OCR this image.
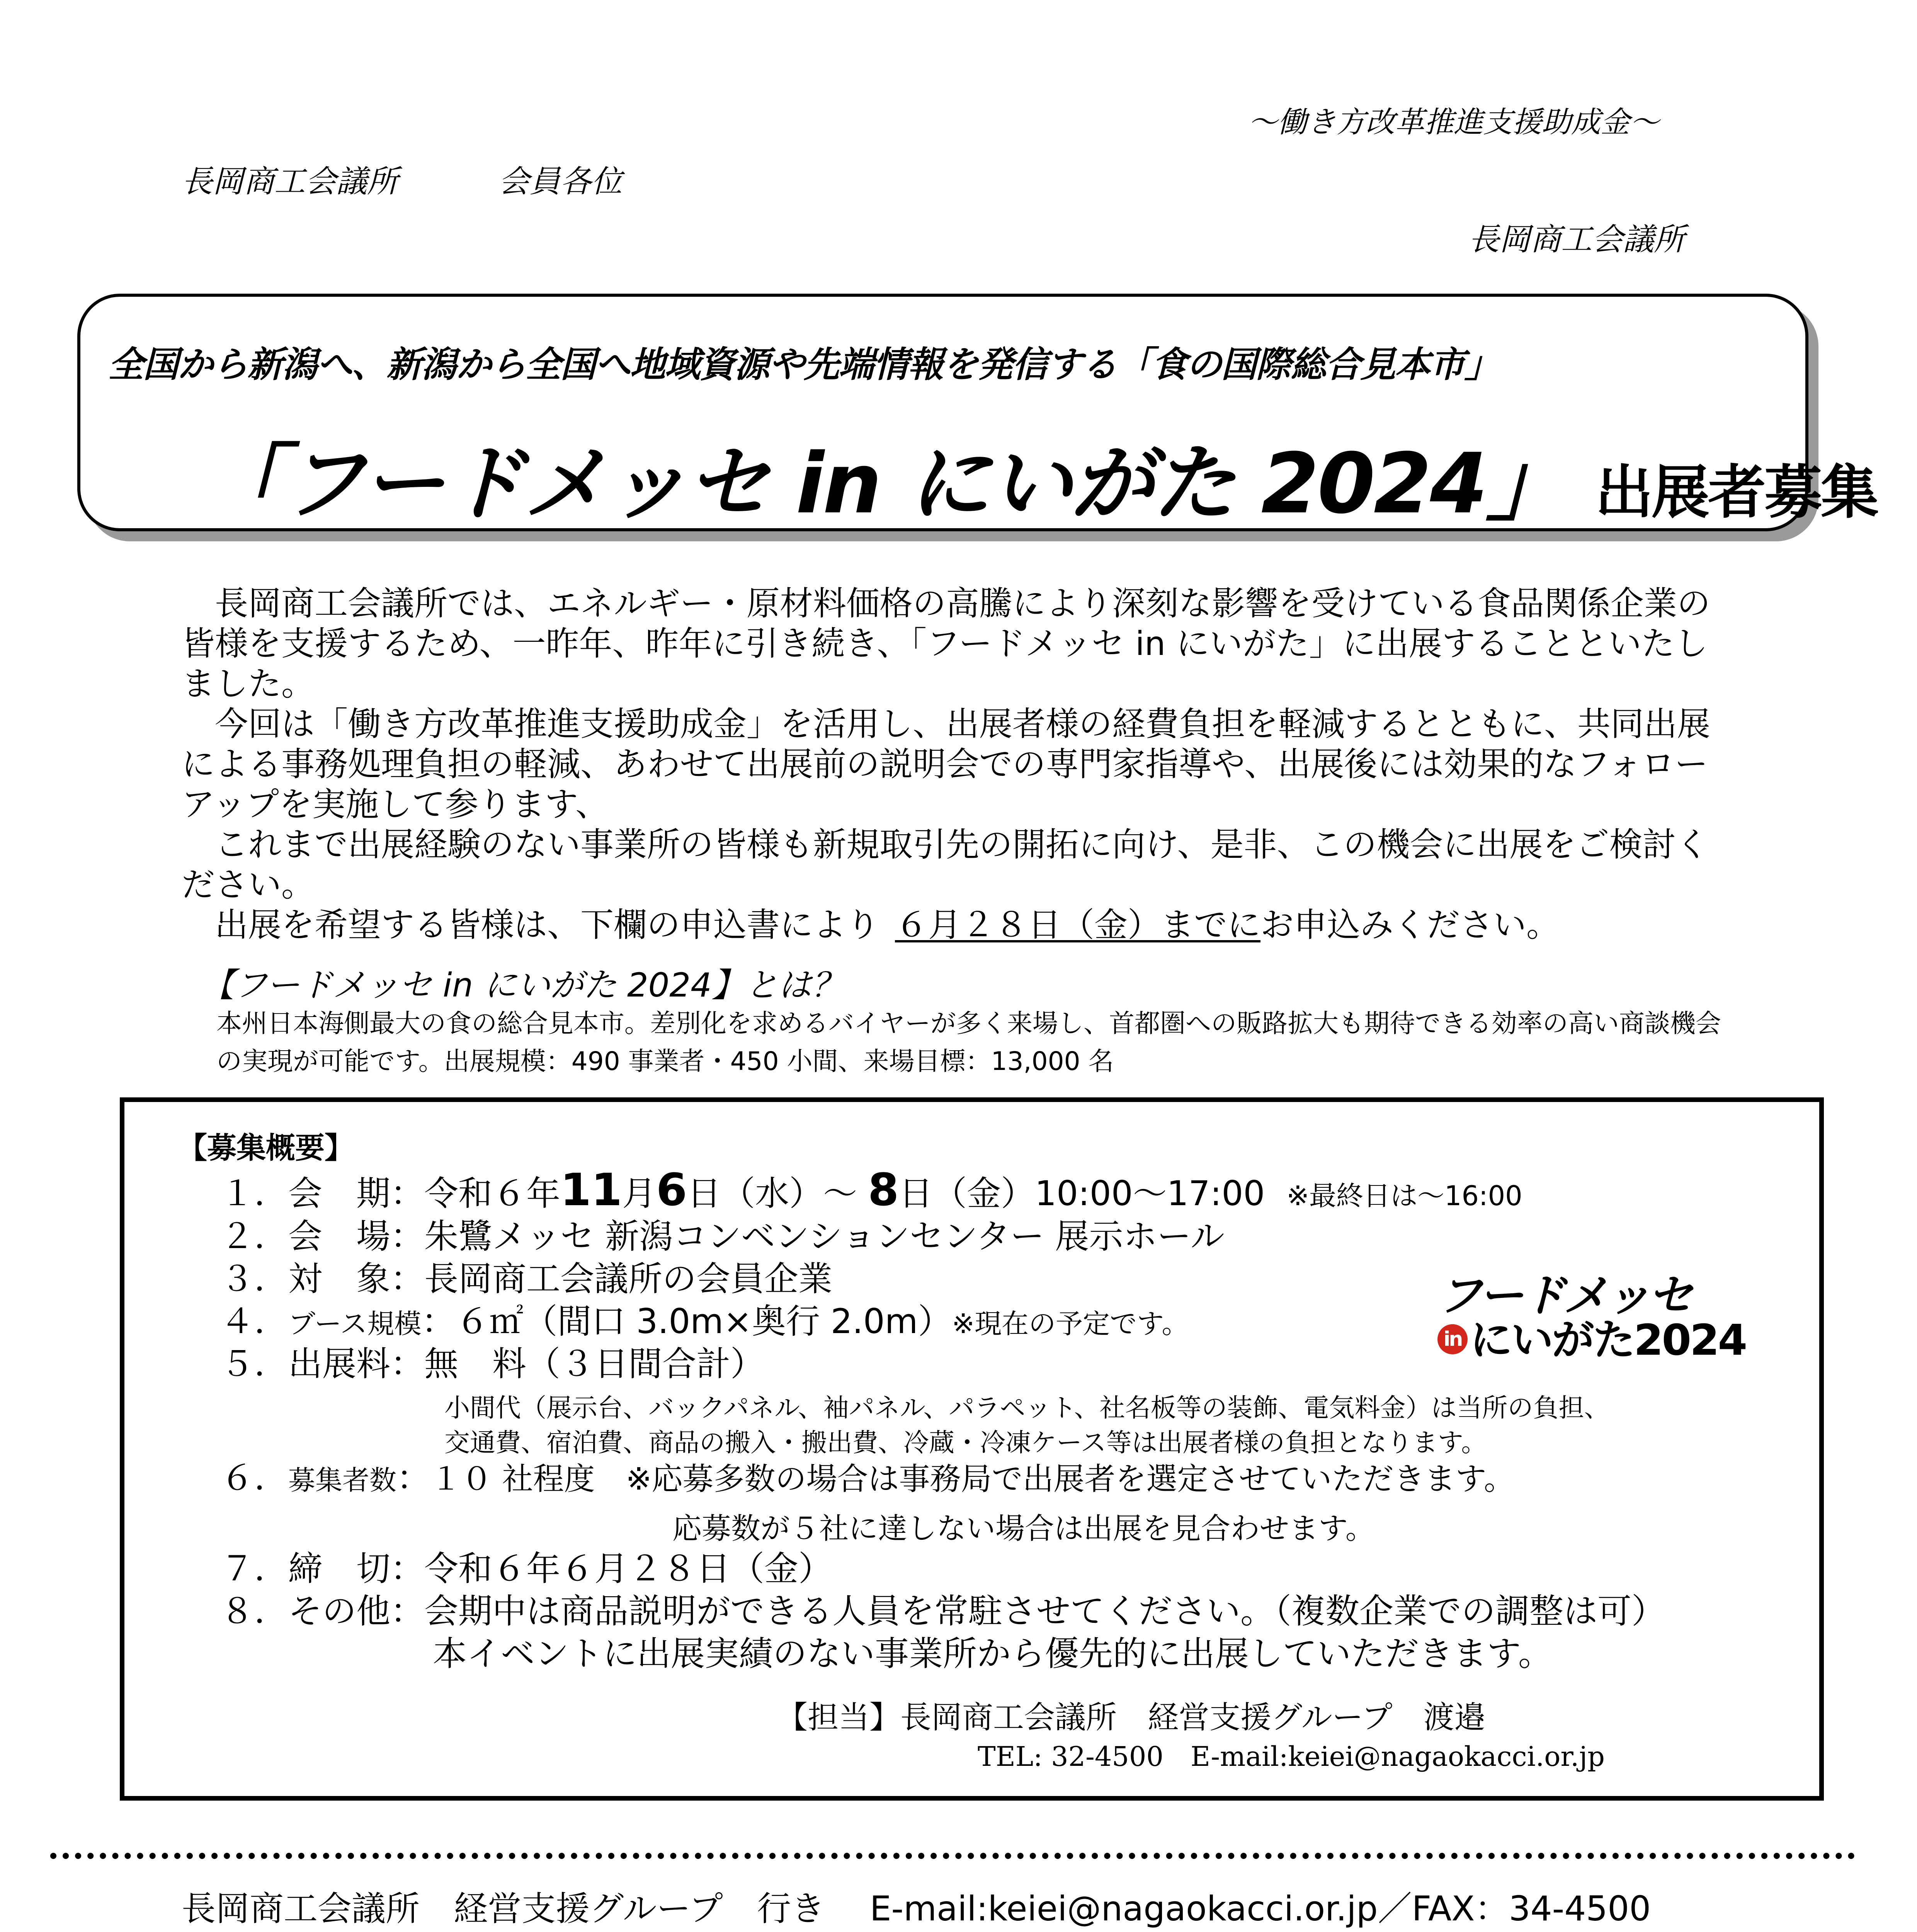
～働き方改革推進支援助成金～
長岡商工会議所	会員各位
長岡商工会議所
全国から新潟へ、新潟から全国へ地域資源や先端情報を発信する「食の国際総合見本市」
「フードメッセ in にいがた 2024」 出展者募集
　長岡商工会議所では、エネルギー・原材料価格の高騰により深刻な影響を受けている食品関係企業の皆様を支援するため、一昨年、昨年に引き続き、「フードメッセ in にいがた」に出展することといたしました。
　今回は「働き方改革推進支援助成金」を活用し、出展者様の経費負担を軽減するとともに、共同出展による事務処理負担の軽減、あわせて出展前の説明会での専門家指導や、出展後には効果的なフォローアップを実施して参ります、
　これまで出展経験のない事業所の皆様も新規取引先の開拓に向け、是非、この機会に出展をご検討ください。
　出展を希望する皆様は、下欄の申込書により ６月２８日（金）までにお申込みください。
【フードメッセ in にいがた 2024】とは？
本州日本海側最大の食の総合見本市。差別化を求めるバイヤーが多く来場し、首都圏への販路拡大も期待できる効率の高い商談機会の実現が可能です。出展規模：490 事業者・450 小間、来場目標：13,000 名
【募集概要】
１．会　期：令和６年11月6日（水）～ 8日（金）10:00～17:00 ※最終日は～16:00
２．会　場：朱鷺メッセ 新潟コンベンションセンター 展示ホール
３．対　象：長岡商工会議所の会員企業
４．ブース規模：６㎡（間口 3.0m×奥行 2.0m）※現在の予定です。
５．出展料：無　料（３日間合計）
小間代（展示台、バックパネル、袖パネル、パラペット、社名板等の装飾、電気料金）は当所の負担、
交通費、宿泊費、商品の搬入・搬出費、冷蔵・冷凍ケース等は出展者様の負担となります。
６．募集者数：１０ 社程度　※応募多数の場合は事務局で出展者を選定させていただきます。
応募数が５社に達しない場合は出展を見合わせます。
７．締　切：令和６年６月２８日（金）
８．その他：会期中は商品説明ができる人員を常駐させてください。（複数企業での調整は可）
本イベントに出展実績のない事業所から優先的に出展していただきます。
フードメッセ
in にいがた2024
【担当】長岡商工会議所　経営支援グループ　渡邉
TEL: 32-4500　E-mail:keiei@nagaokacci.or.jp
長岡商工会議所　経営支援グループ　行き　 E-mail:keiei@nagaokacci.or.jp／FAX：34-4500
